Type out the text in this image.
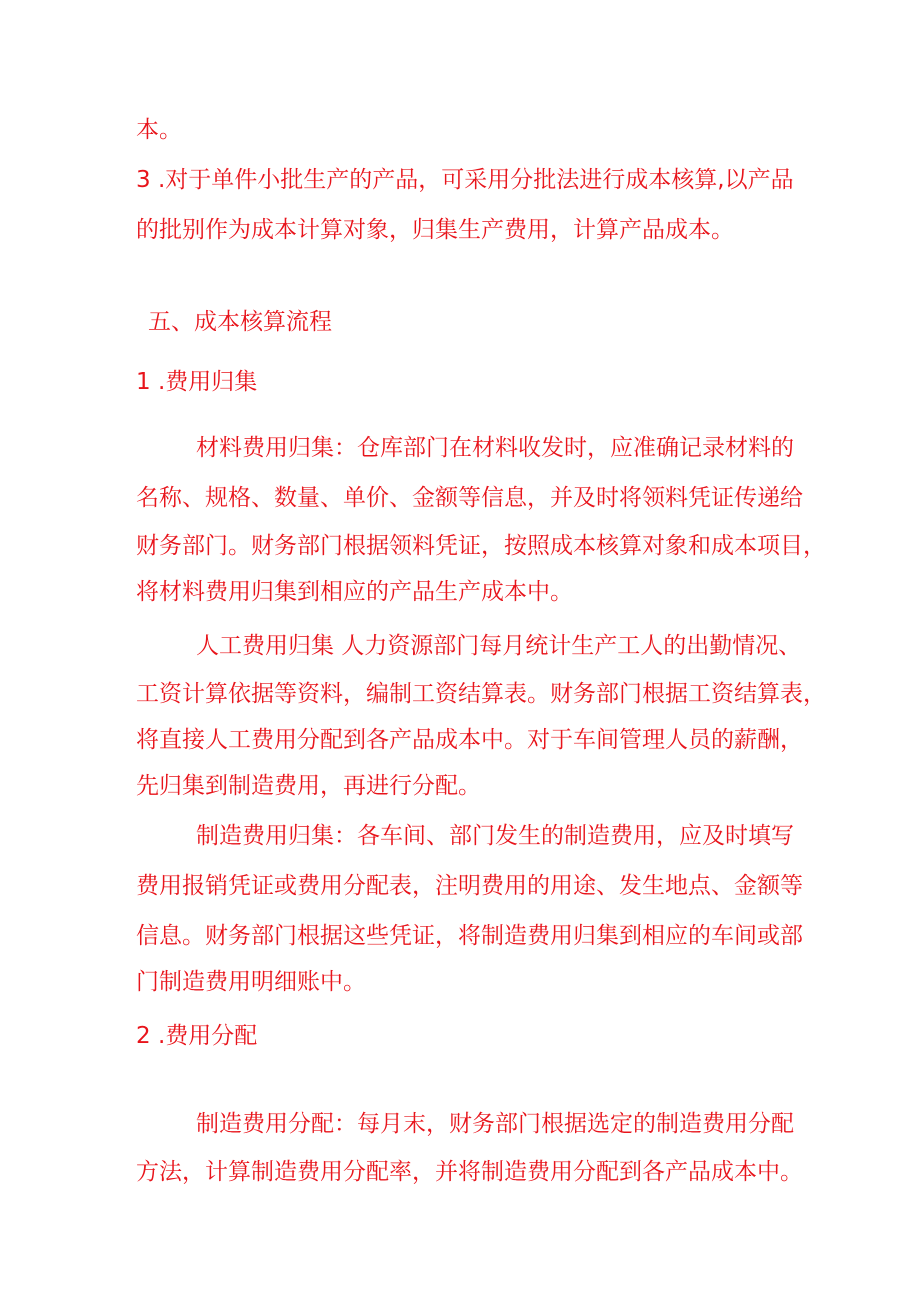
本。
3 .对于单件小批生产的产品，可采用分批法进行成本核算,以产品
的批别作为成本计算对象，归集生产费用，计算产品成本。
五、成本核算流程
1 .费用归集
材料费用归集：仓库部门在材料收发时，应准确记录材料的
名称、规格、数量、单价、金额等信息，并及时将领料凭证传递给
财务部门。财务部门根据领料凭证，按照成本核算对象和成本项目，
将材料费用归集到相应的产品生产成本中。
人工费用归集 人力资源部门每月统计生产工人的出勤情况、
工资计算依据等资料，编制工资结算表。财务部门根据工资结算表，
将直接人工费用分配到各产品成本中。对于车间管理人员的薪酬，
先归集到制造费用，再进行分配。
制造费用归集：各车间、部门发生的制造费用，应及时填写
费用报销凭证或费用分配表，注明费用的用途、发生地点、金额等
信息。财务部门根据这些凭证，将制造费用归集到相应的车间或部
门制造费用明细账中。
2 .费用分配
制造费用分配：每月末，财务部门根据选定的制造费用分配
方法，计算制造费用分配率，并将制造费用分配到各产品成本中。
